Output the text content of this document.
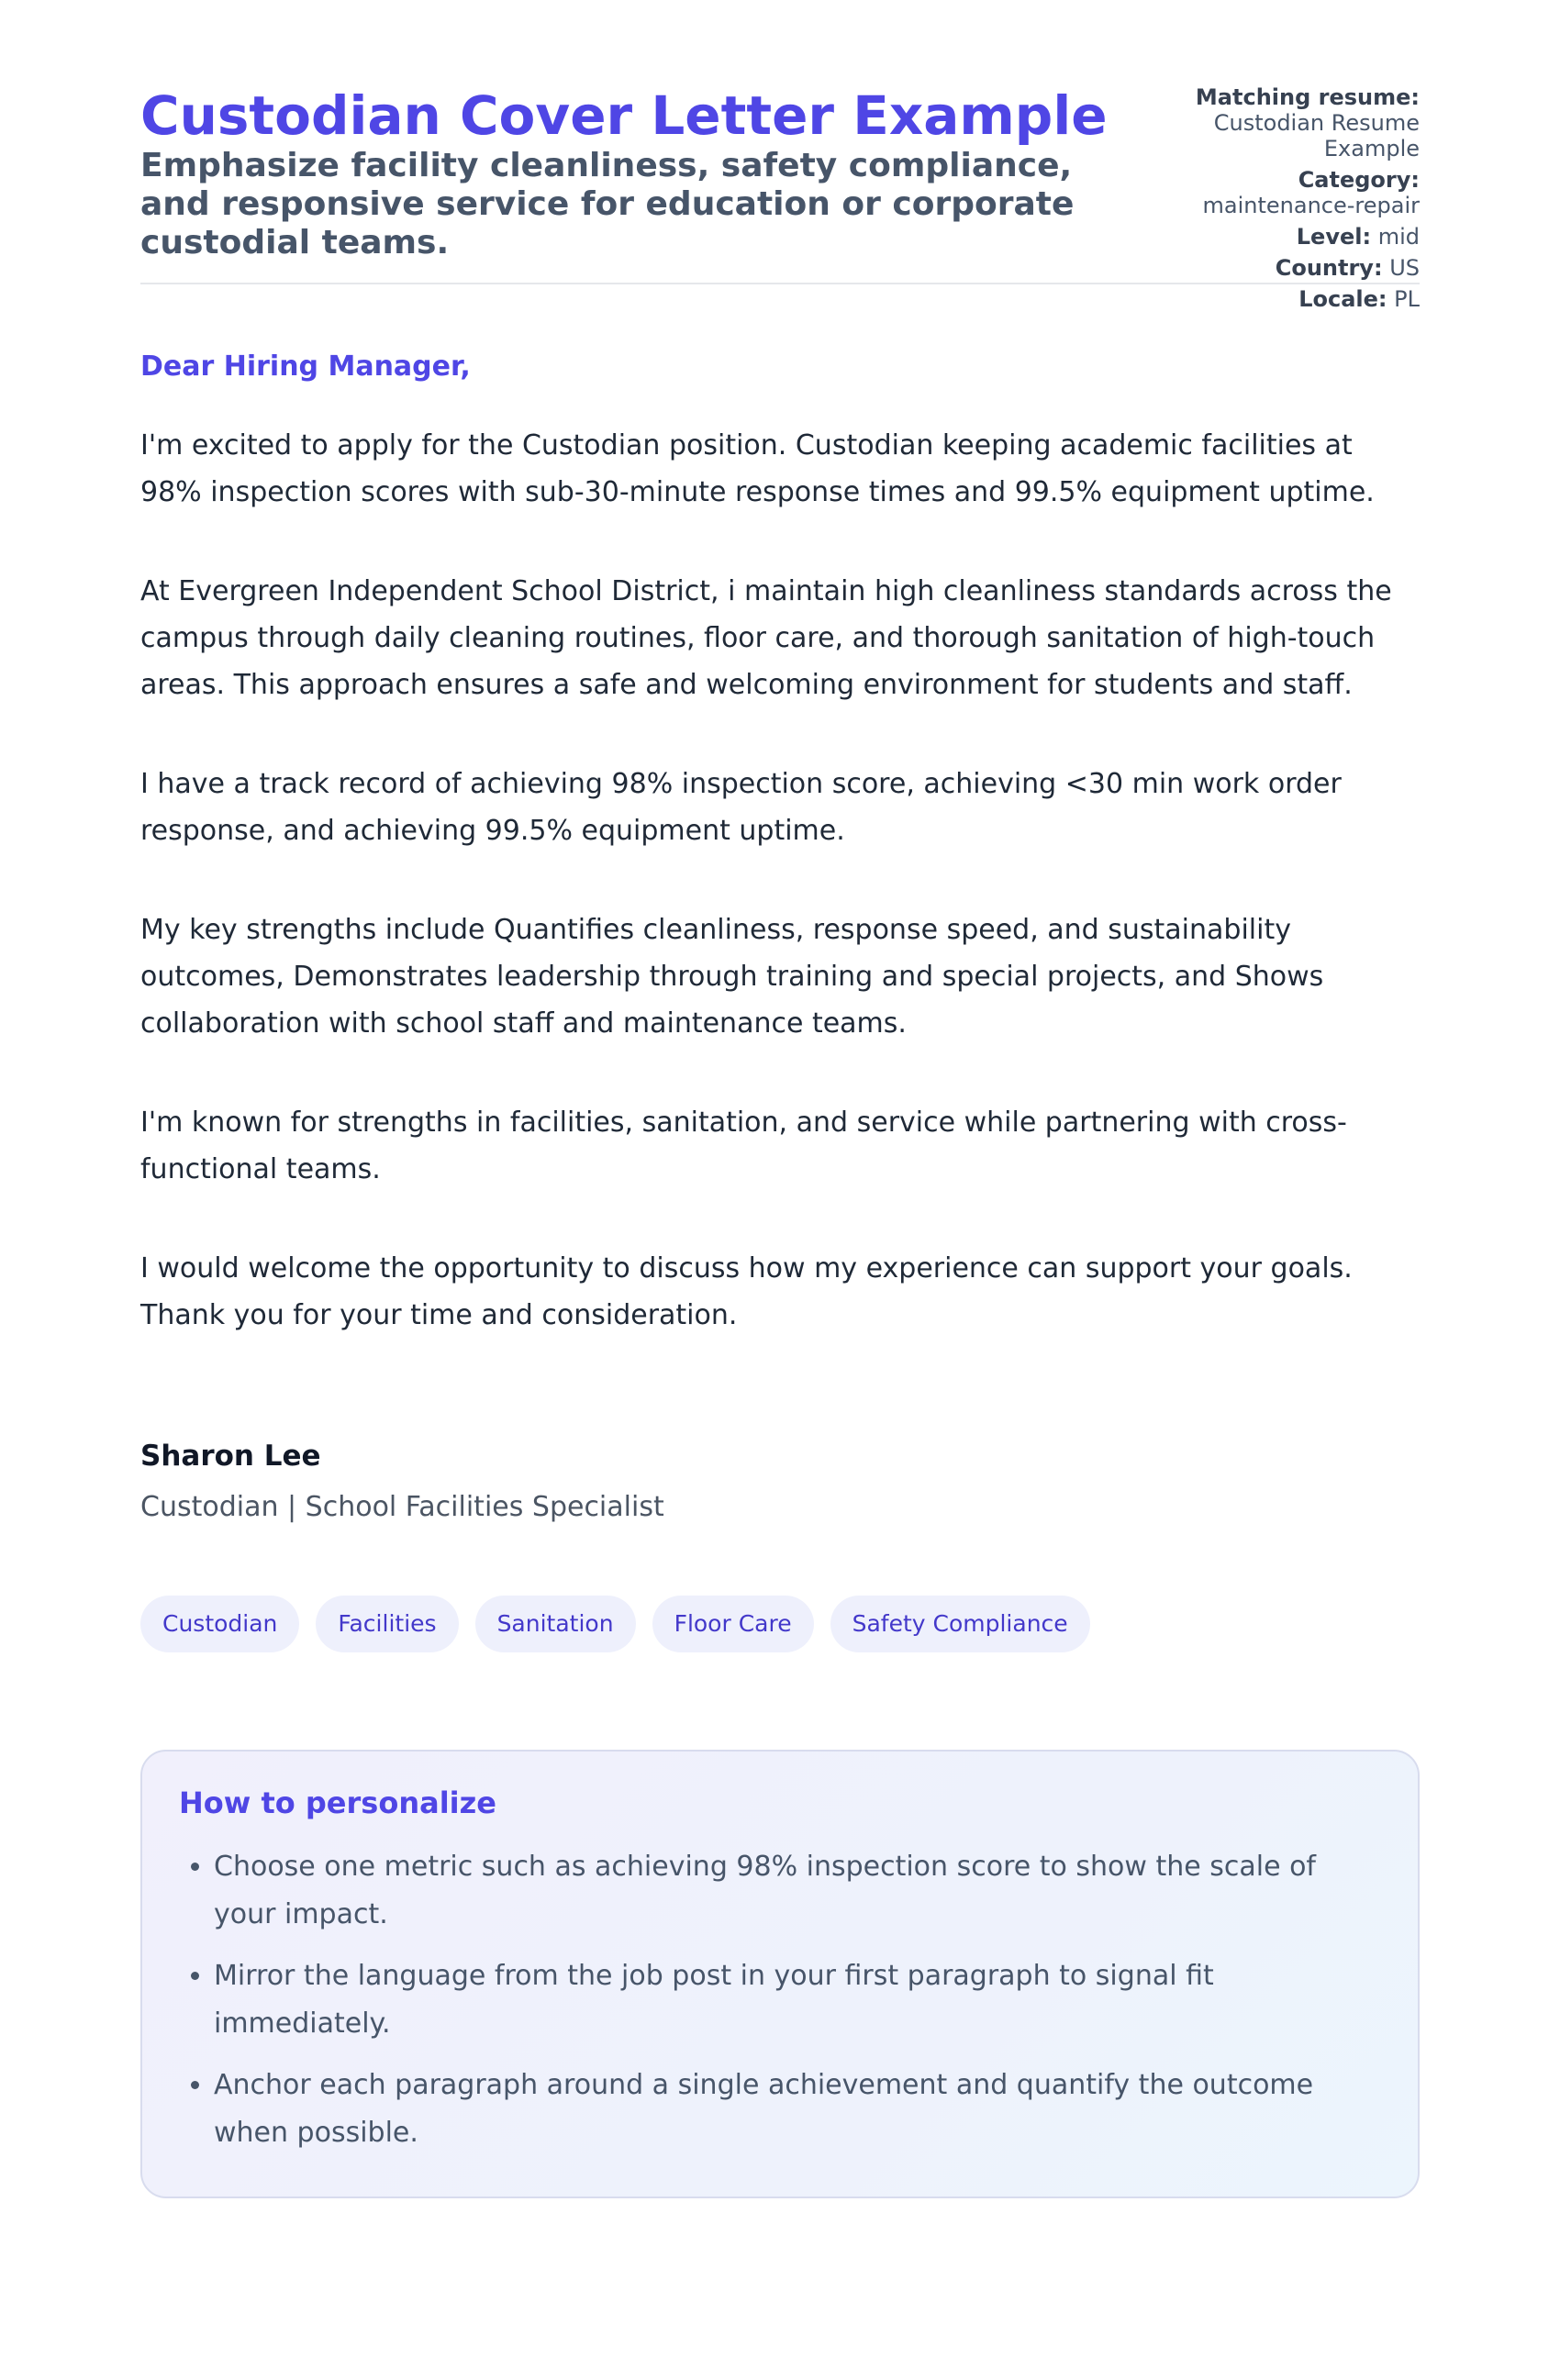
Custodian Cover Letter Example
Emphasize facility cleanliness, safety compliance, and responsive service for education or corporate custodial teams.
Matching resume:
Custodian Resume Example
Category:
maintenance-repair
Level: mid
Country: US
Locale: PL

Dear Hiring Manager,

I'm excited to apply for the Custodian position. Custodian keeping academic facilities at 98% inspection scores with sub-30-minute response times and 99.5% equipment uptime.

At Evergreen Independent School District, i maintain high cleanliness standards across the campus through daily cleaning routines, floor care, and thorough sanitation of high-touch areas. This approach ensures a safe and welcoming environment for students and staff.

I have a track record of achieving 98% inspection score, achieving <30 min work order response, and achieving 99.5% equipment uptime.

My key strengths include Quantifies cleanliness, response speed, and sustainability outcomes, Demonstrates leadership through training and special projects, and Shows collaboration with school staff and maintenance teams.

I'm known for strengths in facilities, sanitation, and service while partnering with cross-functional teams.

I would welcome the opportunity to discuss how my experience can support your goals. Thank you for your time and consideration.

Sharon Lee

Custodian | School Facilities Specialist

Custodian	Facilities	Sanitation	Floor Care	Safety Compliance
How to personalize
• Choose one metric such as achieving 98% inspection score to show the scale of your impact.
• Mirror the language from the job post in your first paragraph to signal fit immediately.
• Anchor each paragraph around a single achievement and quantify the outcome when possible.
